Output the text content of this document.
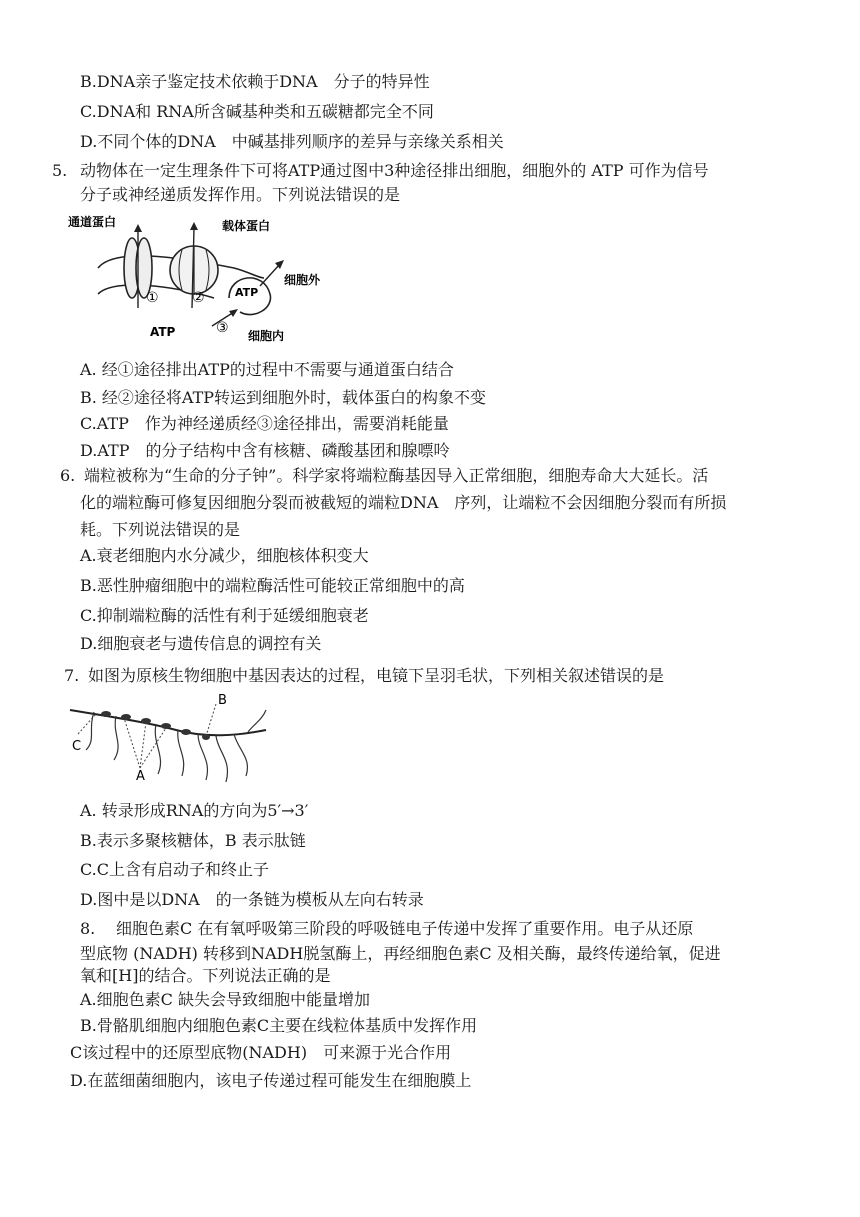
B.DNA亲子鉴定技术依赖于DNA　分子的特异性
C.DNA和 RNA所含碱基种类和五碳糖都完全不同
D.不同个体的DNA　中碱基排列顺序的差异与亲缘关系相关
5. 动物体在一定生理条件下可将ATP通过图中3种途径排出细胞，细胞外的 ATP 可作为信号
分子或神经递质发挥作用。下列说法错误的是
通道蛋白	载体蛋白
细胞外
细胞内
ATP
ATP
① ②
③
A. 经①途径排出ATP的过程中不需要与通道蛋白结合
B. 经②途径将ATP转运到细胞外时，载体蛋白的构象不变
C.ATP　作为神经递质经③途径排出，需要消耗能量
D.ATP　的分子结构中含有核糖、磷酸基团和腺嘌呤
6. 端粒被称为“生命的分子钟”。科学家将端粒酶基因导入正常细胞，细胞寿命大大延长。活
化的端粒酶可修复因细胞分裂而被截短的端粒DNA　序列，让端粒不会因细胞分裂而有所损
耗。下列说法错误的是
A.衰老细胞内水分减少，细胞核体积变大
B.恶性肿瘤细胞中的端粒酶活性可能较正常细胞中的高
C.抑制端粒酶的活性有利于延缓细胞衰老
D.细胞衰老与遗传信息的调控有关
7. 如图为原核生物细胞中基因表达的过程，电镜下呈羽毛状，下列相关叙述错误的是
C
A
B
A. 转录形成RNA的方向为5′→3′
B.表示多聚核糖体，B 表示肽链
C.C上含有启动子和终止子
D.图中是以DNA　的一条链为模板从左向右转录
8. 细胞色素C 在有氧呼吸第三阶段的呼吸链电子传递中发挥了重要作用。电子从还原
型底物 (NADH) 转移到NADH脱氢酶上，再经细胞色素C 及相关酶，最终传递给氧，促进
氧和[H]的结合。下列说法正确的是
A.细胞色素C 缺失会导致细胞中能量增加
B.骨骼肌细胞内细胞色素C主要在线粒体基质中发挥作用
C该过程中的还原型底物(NADH)　可来源于光合作用
D.在蓝细菌细胞内，该电子传递过程可能发生在细胞膜上
